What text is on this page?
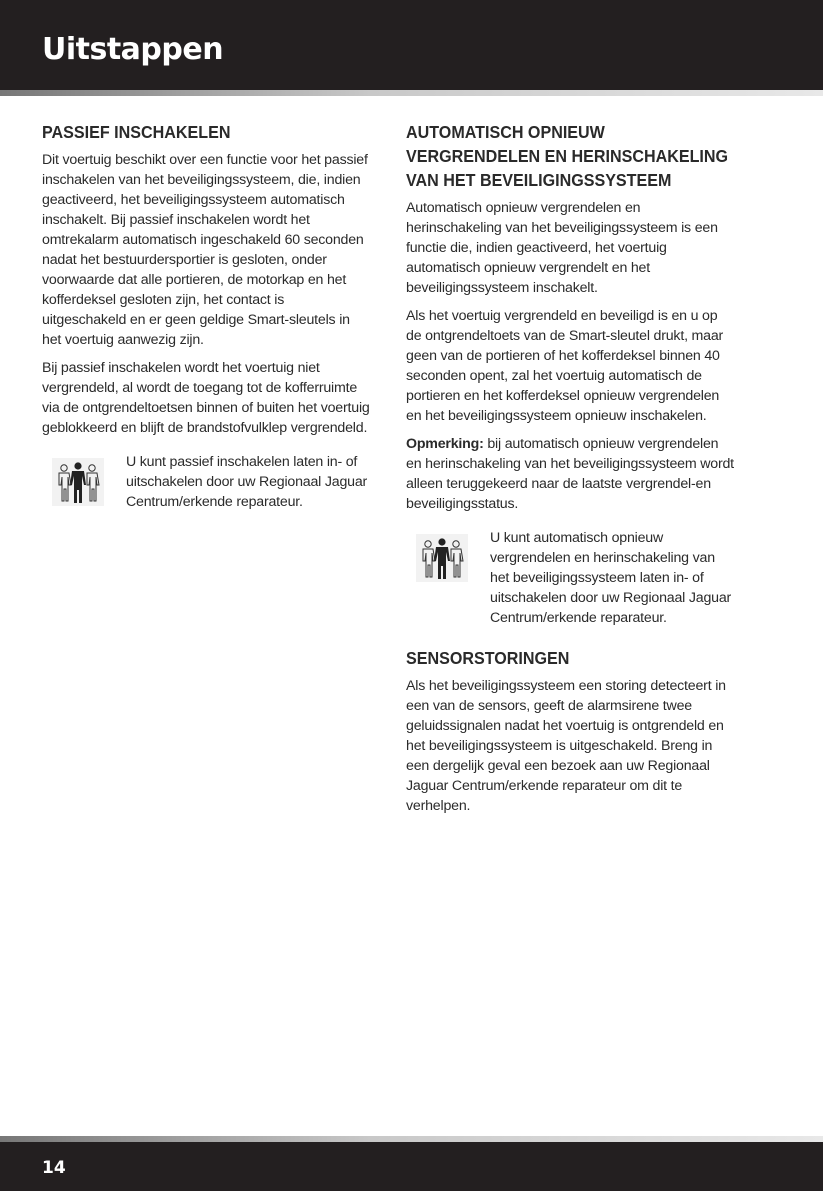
Uitstappen
PASSIEF INSCHAKELEN

Dit voertuig beschikt over een functie voor het passief inschakelen van het beveiligingssysteem, die, indien geactiveerd, het beveiligingssysteem automatisch inschakelt. Bij passief inschakelen wordt het omtrekalarm automatisch ingeschakeld 60 seconden nadat het bestuurdersportier is gesloten, onder voorwaarde dat alle portieren, de motorkap en het kofferdeksel gesloten zijn, het contact is uitgeschakeld en er geen geldige Smart-sleutels in het voertuig aanwezig zijn.

Bij passief inschakelen wordt het voertuig niet vergrendeld, al wordt de toegang tot de kofferruimte via de ontgrendeltoetsen binnen of buiten het voertuig geblokkeerd en blijft de brandstofvulklep vergrendeld.

U kunt passief inschakelen laten in- of uitschakelen door uw Regionaal Jaguar Centrum/erkende reparateur.

AUTOMATISCH OPNIEUW
VERGRENDELEN EN HERINSCHAKELING
VAN HET BEVEILIGINGSSYSTEEM

Automatisch opnieuw vergrendelen en herinschakeling van het beveiligingssysteem is een functie die, indien geactiveerd, het voertuig automatisch opnieuw vergrendelt en het beveiligingssysteem inschakelt.

Als het voertuig vergrendeld en beveiligd is en u op de ontgrendeltoets van de Smart-sleutel drukt, maar geen van de portieren of het kofferdeksel binnen 40 seconden opent, zal het voertuig automatisch de portieren en het kofferdeksel opnieuw vergrendelen en het beveiligingssysteem opnieuw inschakelen.

Opmerking: bij automatisch opnieuw vergrendelen en herinschakeling van het beveiligingssysteem wordt alleen teruggekeerd naar de laatste vergrendel-en beveiligingsstatus.

U kunt automatisch opnieuw vergrendelen en herinschakeling van het beveiligingssysteem laten in- of uitschakelen door uw Regionaal Jaguar Centrum/erkende reparateur.

SENSORSTORINGEN

Als het beveiligingssysteem een storing detecteert in een van de sensors, geeft de alarmsirene twee geluidssignalen nadat het voertuig is ontgrendeld en het beveiligingssysteem is uitgeschakeld. Breng in een dergelijk geval een bezoek aan uw Regionaal Jaguar Centrum/erkende reparateur om dit te verhelpen.

14
